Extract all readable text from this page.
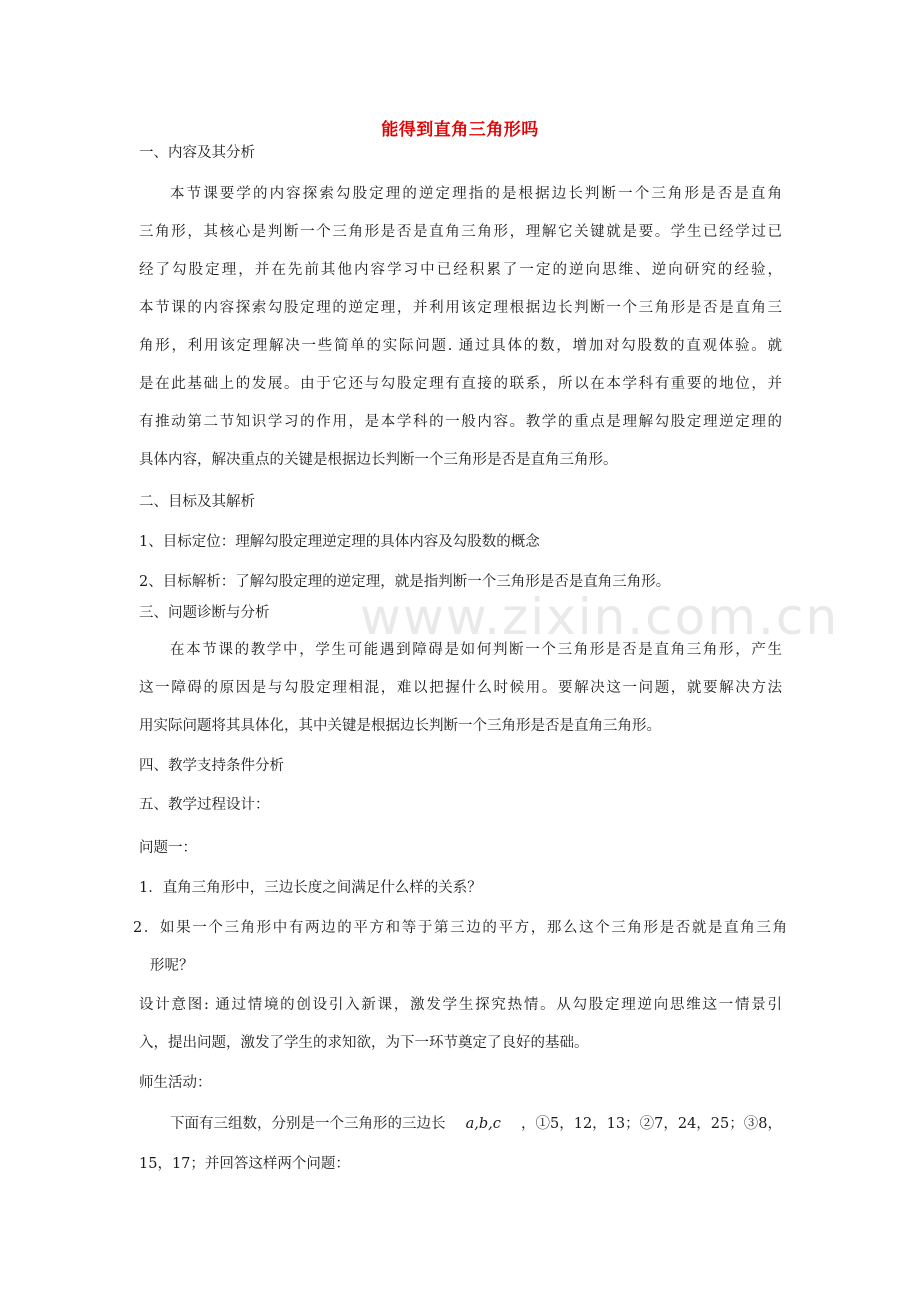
www.zixin.com.cn
能得到直角三角形吗
一、内容及其分析
本节课要学的内容探索勾股定理的逆定理指的是根据边长判断一个三角形是否是直角
三角形，其核心是判断一个三角形是否是直角三角形，理解它关键就是要。学生已经学过已
经了勾股定理，并在先前其他内容学习中已经积累了一定的逆向思维、逆向研究的经验，
本节课的内容探索勾股定理的逆定理，并利用该定理根据边长判断一个三角形是否是直角三
角形，利用该定理解决一些简单的实际问题. 通过具体的数，增加对勾股数的直观体验。就
是在此基础上的发展。由于它还与勾股定理有直接的联系，所以在本学科有重要的地位，并
有推动第二节知识学习的作用，是本学科的一般内容。教学的重点是理解勾股定理逆定理的
具体内容，解决重点的关键是根据边长判断一个三角形是否是直角三角形。
二、目标及其解析
1、目标定位：理解勾股定理逆定理的具体内容及勾股数的概念
2、目标解析：了解勾股定理的逆定理，就是指判断一个三角形是否是直角三角形。
三、问题诊断与分析
在本节课的教学中，学生可能遇到障碍是如何判断一个三角形是否是直角三角形，产生
这一障碍的原因是与勾股定理相混，难以把握什么时候用。要解决这一问题，就要解决方法
用实际问题将其具体化，其中关键是根据边长判断一个三角形是否是直角三角形。
四、教学支持条件分析
五、教学过程设计：
问题一：
1．直角三角形中，三边长度之间满足什么样的关系？
2．如果一个三角形中有两边的平方和等于第三边的平方，那么这个三角形是否就是直角三角
形呢？
设计意图: 通过情境的创设引入新课，激发学生探究热情。从勾股定理逆向思维这一情景引
入，提出问题，激发了学生的求知欲，为下一环节奠定了良好的基础。
师生活动：
下面有三组数，分别是一个三角形的三边长 a,b,c ，①5，12，13；②7，24，25；③8，
15，17；并回答这样两个问题：
